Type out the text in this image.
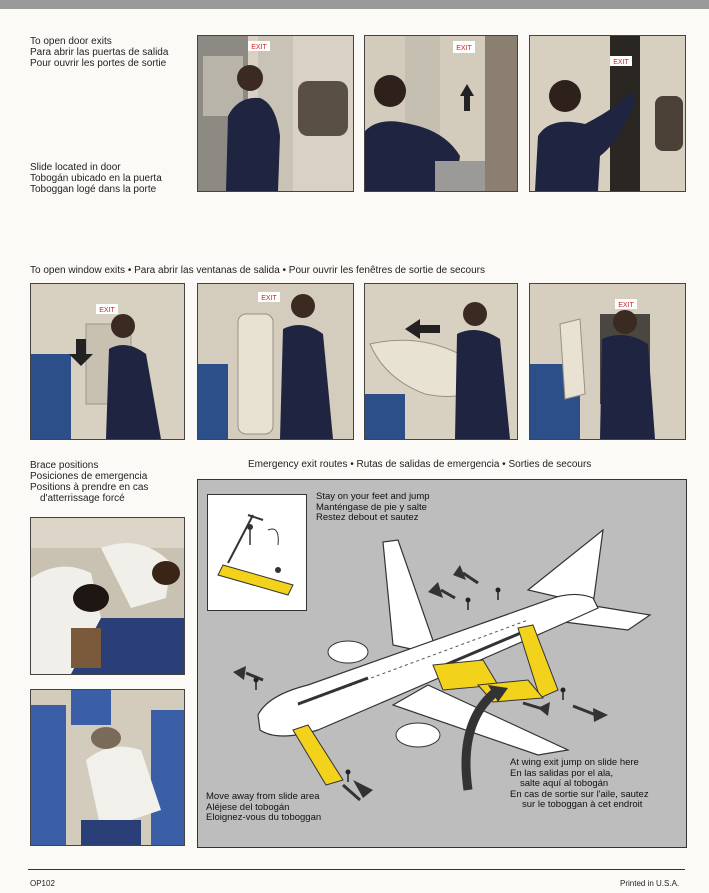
To open door exits
Para abrir las puertas de salida
Pour ouvrir les portes de sortie
Slide located in door
Tobogán ubicado en la puerta
Toboggan logé dans la porte
EXIT	EXIT
EXIT
To open window exits • Para abrir las ventanas de salida • Pour ouvrir les fenêtres de sortie de secours
EXIT
EXIT
EXIT
Brace positions
Posiciones de emergencia
Positions à prendre en cas
d'atterrissage forcé
Emergency exit routes • Rutas de salidas de emergencia • Sorties de secours
Stay on your feet and jump
Manténgase de pie y salte
Restez debout et sautez
Move away from slide area
Aléjese del tobogán
Eloignez-vous du toboggan
At wing exit jump on slide here
En las salidas por el ala,
salte aquí al tobogán
En cas de sortie sur l'aile, sautez
sur le toboggan à cet endroit
OP102	Printed in U.S.A.
